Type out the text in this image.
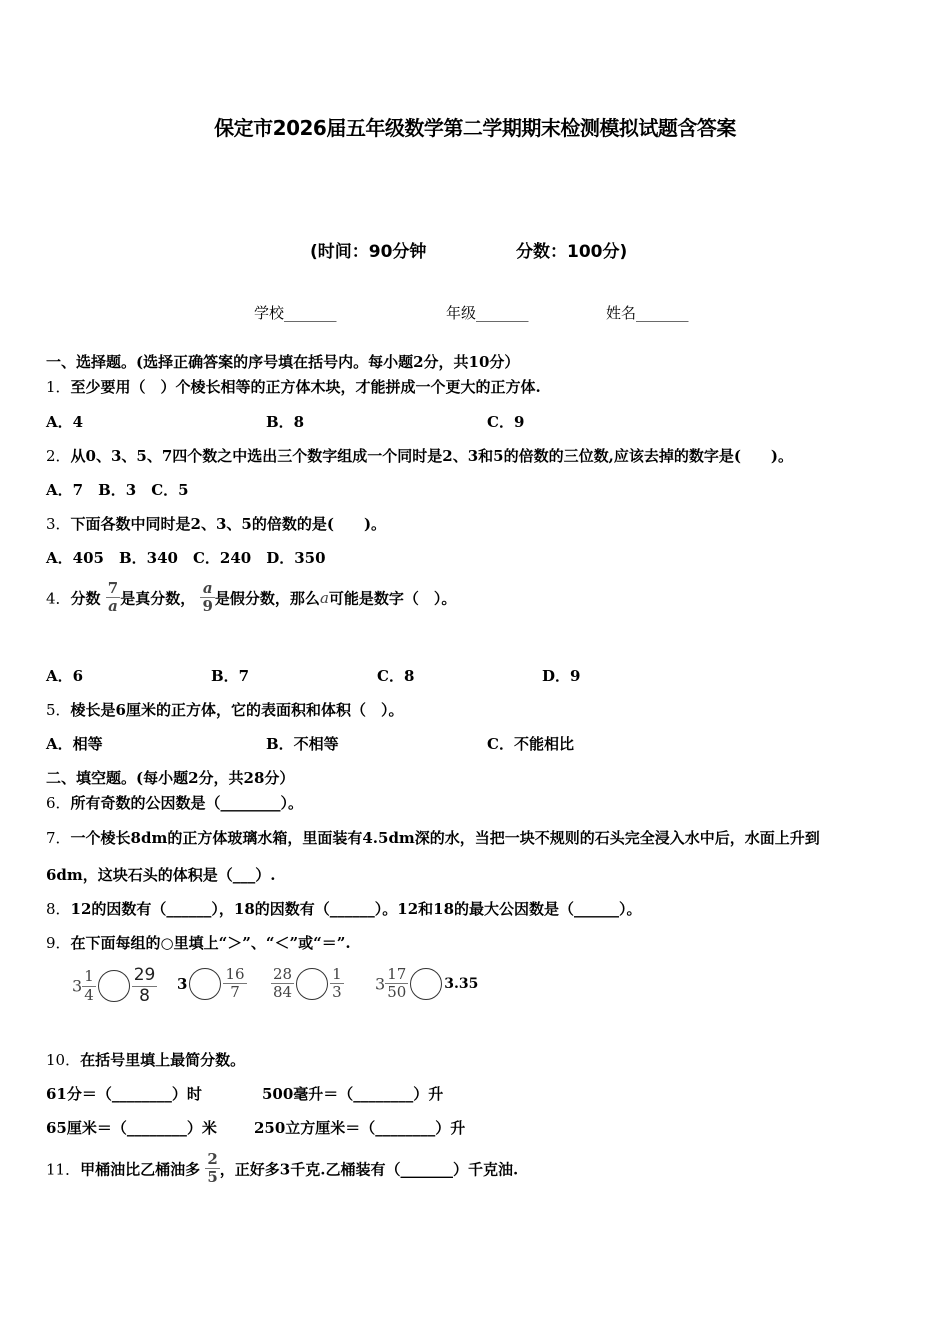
保定市2026届五年级数学第二学期期末检测模拟试题含答案
(时间：90分钟	分数：100分)
学校_______	年级_______	姓名_______
一、选择题。(选择正确答案的序号填在括号内。每小题2分，共10分）
1．至少要用（　）个棱长相等的正方体木块，才能拼成一个更大的正方体.
A．4	B．8	C．9
2．从0、3、5、7四个数之中选出三个数字组成一个同时是2、3和5的倍数的三位数,应该去掉的数字是(　　)。
A．7　B．3　C．5
3．下面各数中同时是2、3、5的倍数的是(　　)。
A．405　B．340　C．240　D．350
4．分数 $\frac{7}{a}$ 是真分数， $\frac{a}{9}$ 是假分数，那么a可能是数字（　）。
A．6	B．7	C．8	D．9
5．棱长是6厘米的正方体，它的表面积和体积（　）。
A．相等	B．不相等	C．不能相比
二、填空题。(每小题2分，共28分）
6．所有奇数的公因数是（________）。
7．一个棱长8dm的正方体玻璃水箱，里面装有4.5dm深的水，当把一块不规则的石头完全浸入水中后，水面上升到
6dm，这块石头的体积是（___）.
8．12的因数有（______），18的因数有（______）。12和18的最大公因数是（______）。
9．在下面每组的○里填上“＞”、“＜”或“＝”.
$3 \frac{1}{4} \frac{29}{8} 3 \frac{16}{7} \frac{28}{84} \frac{1}{3} 3 \frac{17}{50}$	3.35
10．在括号里填上最简分数。
61分＝（________）时	500毫升＝（________）升
65厘米＝（________）米 250立方厘米＝（________）升
11．甲桶油比乙桶油多 $\frac{2}{5}$ ，正好多3千克.乙桶装有（_______）千克油.
